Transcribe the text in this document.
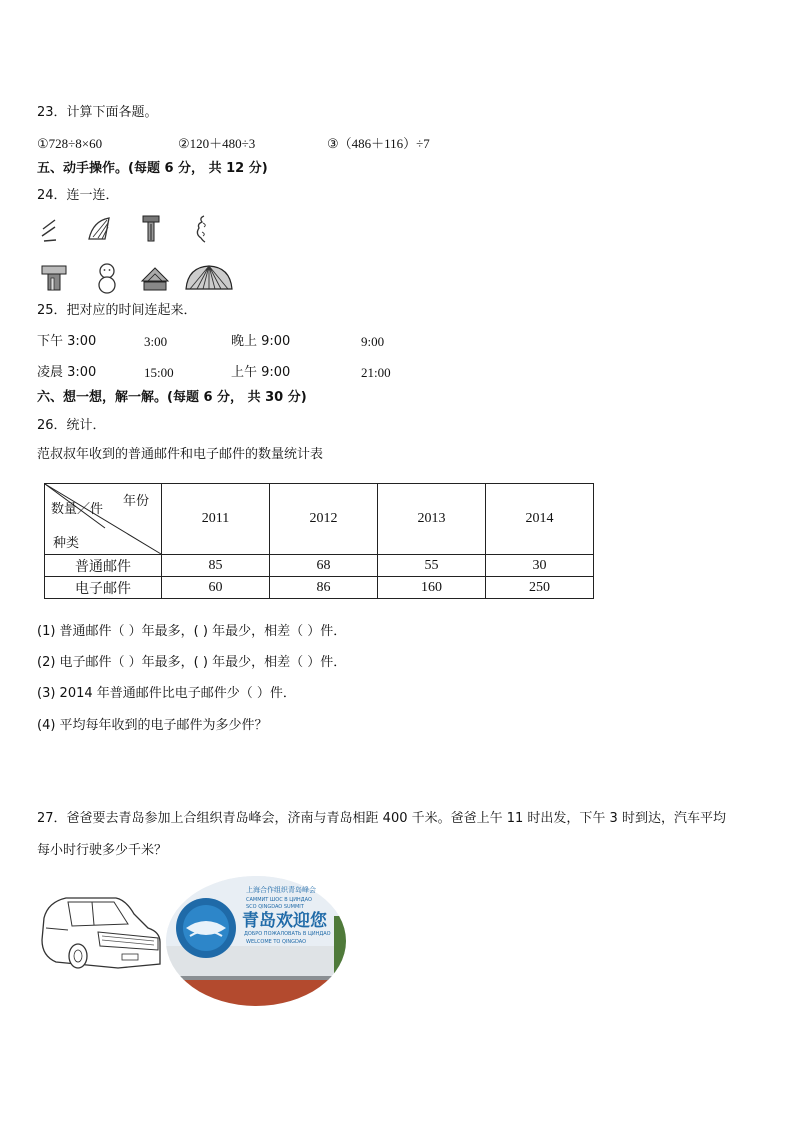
23．计算下面各题。
①728÷8×60	②120＋480÷3	③（486＋116）÷7
五、动手操作。(每题 6 分， 共 12 分)
24．连一连．
25．把对应的时间连起来．
下午 3:00	3:00	晚上 9:00	9:00
凌晨 3:00	15:00	上午 9:00	21:00
六、想一想，解一解。(每题 6 分， 共 30 分)
26．统计．
范叔叔年收到的普通邮件和电子邮件的数量统计表
年份
数量／件
种类	2011	2012	2013	2014
普通邮件	85	68	55	30
电子邮件	60	86	160	250
(1) 普通邮件（ ）年最多，( ) 年最少，相差（ ）件．
(2) 电子邮件（ ）年最多，( ) 年最少，相差（ ）件．
(3) 2014 年普通邮件比电子邮件少（ ）件．
(4) 平均每年收到的电子邮件为多少件？
27．爸爸要去青岛参加上合组织青岛峰会，济南与青岛相距 400 千米。爸爸上午 11 时出发，下午 3 时到达，汽车平均
每小时行驶多少千米？
上海合作组织青岛峰会
САММИТ ШОС В ЦИНДАО
SCO QINGDAO SUMMIT
青岛欢迎您
ДОБРО ПОЖАЛОВАТЬ В ЦИНДАО
WELCOME TO QINGDAO
